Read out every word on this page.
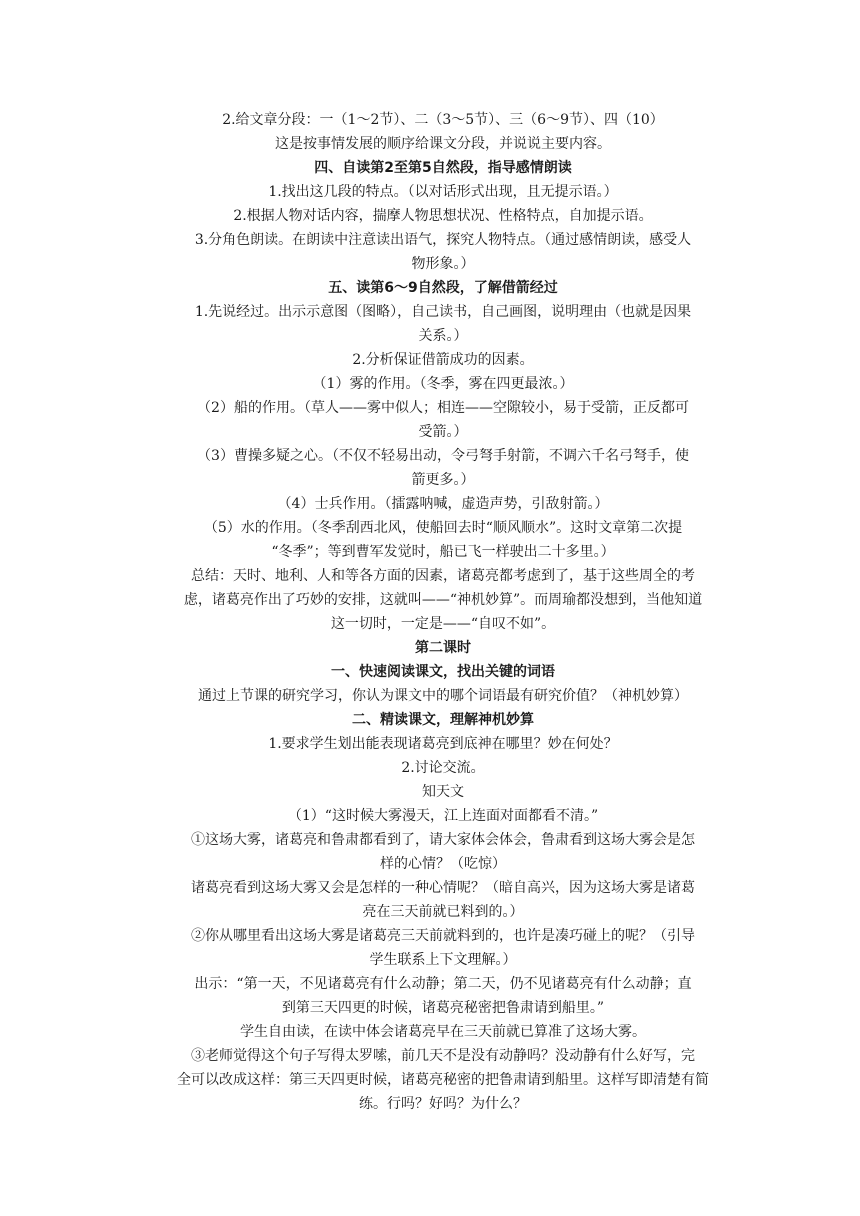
2.给文章分段：一（1～2节）、二（3～5节）、三（6～9节）、四（10）

这是按事情发展的顺序给课文分段，并说说主要内容。

四、自读第2至第5自然段，指导感情朗读

1.找出这几段的特点。（以对话形式出现，且无提示语。）

2.根据人物对话内容，揣摩人物思想状况、性格特点，自加提示语。

3.分角色朗读。在朗读中注意读出语气，探究人物特点。（通过感情朗读，感受人

物形象。）

五、读第6～9自然段，了解借箭经过

1.先说经过。出示示意图（图略），自己读书，自己画图，说明理由（也就是因果

关系。）

2.分析保证借箭成功的因素。

（1）雾的作用。（冬季，雾在四更最浓。）

（2）船的作用。（草人——雾中似人；相连——空隙较小，易于受箭，正反都可

受箭。）

（3）曹操多疑之心。（不仅不轻易出动，令弓弩手射箭，不调六千名弓弩手，使

箭更多。）

（4）士兵作用。（擂露呐喊，虚造声势，引敌射箭。）

（5）水的作用。（冬季刮西北风，使船回去时“顺风顺水”。这时文章第二次提

“冬季”；等到曹军发觉时，船已飞一样驶出二十多里。）

总结：天时、地利、人和等各方面的因素，诸葛亮都考虑到了，基于这些周全的考

虑，诸葛亮作出了巧妙的安排，这就叫——“神机妙算”。而周瑜都没想到，当他知道

这一切时，一定是——“自叹不如”。

第二课时

一、快速阅读课文，找出关键的词语

通过上节课的研究学习，你认为课文中的哪个词语最有研究价值？（神机妙算）

二、精读课文，理解神机妙算

1.要求学生划出能表现诸葛亮到底神在哪里？妙在何处？

2.讨论交流。

知天文

（1）“这时候大雾漫天，江上连面对面都看不清。”

①这场大雾，诸葛亮和鲁肃都看到了，请大家体会体会，鲁肃看到这场大雾会是怎

样的心情？（吃惊）

诸葛亮看到这场大雾又会是怎样的一种心情呢？（暗自高兴，因为这场大雾是诸葛

亮在三天前就已料到的。）

②你从哪里看出这场大雾是诸葛亮三天前就料到的，也许是凑巧碰上的呢？（引导

学生联系上下文理解。）

出示：“第一天，不见诸葛亮有什么动静；第二天，仍不见诸葛亮有什么动静；直

到第三天四更的时候，诸葛亮秘密把鲁肃请到船里。”

学生自由读，在读中体会诸葛亮早在三天前就已算准了这场大雾。

③老师觉得这个句子写得太罗嗦，前几天不是没有动静吗？没动静有什么好写，完

全可以改成这样：第三天四更时候，诸葛亮秘密的把鲁肃请到船里。这样写即清楚有简

练。行吗？好吗？为什么？
